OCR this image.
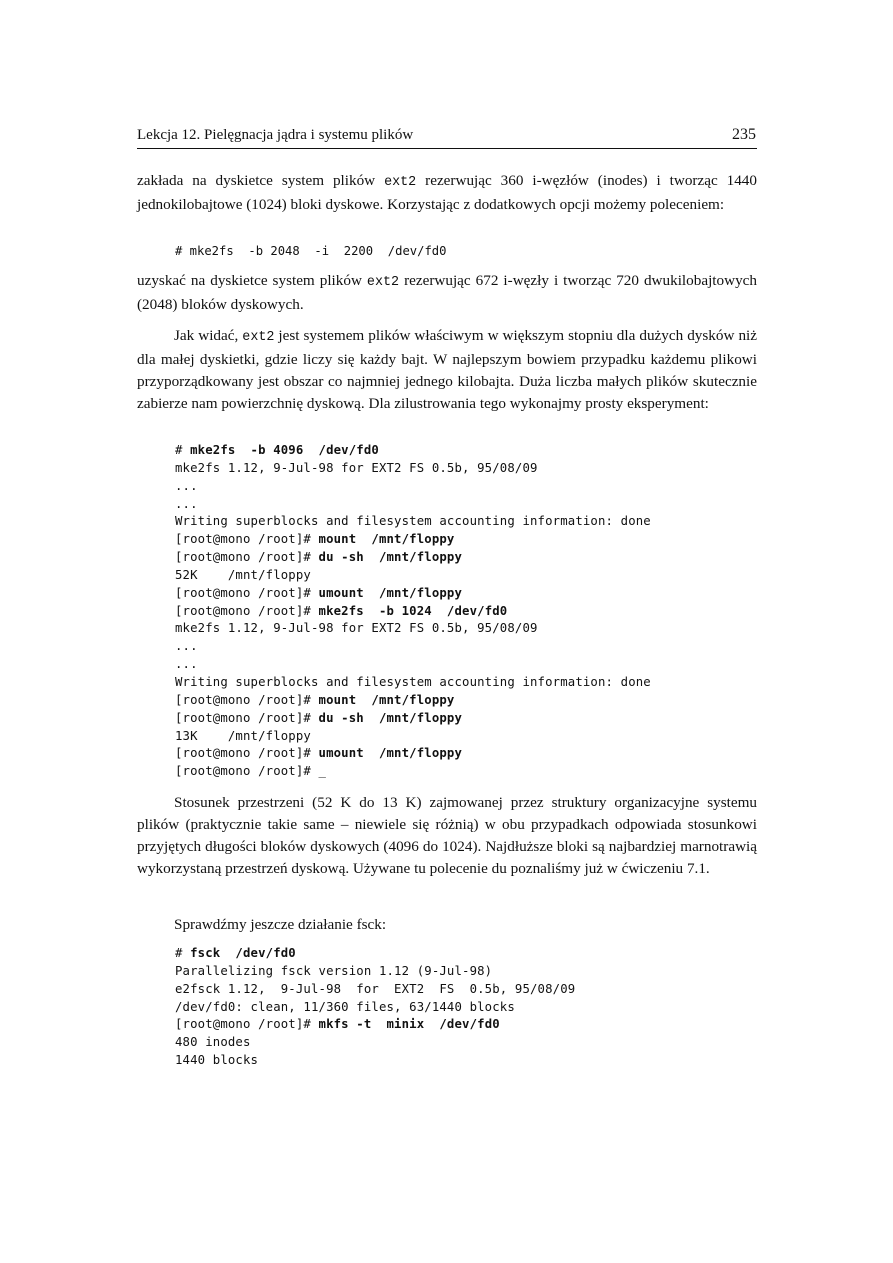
Lekcja 12. Pielęgnacja jądra i systemu plików	235

zakłada na dyskietce system plików ext2 rezerwując 360 i-węzłów (inodes) i tworząc 1440 jednokilobajtowe (1024) bloki dyskowe. Korzystając z dodatkowych opcji możemy poleceniem:

# mke2fs  -b 2048  -i  2200  /dev/fd0

uzyskać na dyskietce system plików ext2 rezerwując 672 i-węzły i tworząc 720 dwukilobajtowych (2048) bloków dyskowych.

Jak widać, ext2 jest systemem plików właściwym w większym stopniu dla dużych dysków niż dla małej dyskietki, gdzie liczy się każdy bajt. W najlepszym bowiem przypadku każdemu plikowi przyporządkowany jest obszar co najmniej jednego kilobajta. Duża liczba małych plików skutecznie zabierze nam powierzchnię dyskową. Dla zilustrowania tego wykonajmy prosty eksperyment:

# mke2fs  -b 4096  /dev/fd0
mke2fs 1.12, 9-Jul-98 for EXT2 FS 0.5b, 95/08/09
...
...
Writing superblocks and filesystem accounting information: done
[root@mono /root]# mount  /mnt/floppy
[root@mono /root]# du -sh  /mnt/floppy
52K    /mnt/floppy
[root@mono /root]# umount  /mnt/floppy
[root@mono /root]# mke2fs  -b 1024  /dev/fd0
mke2fs 1.12, 9-Jul-98 for EXT2 FS 0.5b, 95/08/09
...
...
Writing superblocks and filesystem accounting information: done
[root@mono /root]# mount  /mnt/floppy
[root@mono /root]# du -sh  /mnt/floppy
13K    /mnt/floppy
[root@mono /root]# umount  /mnt/floppy
[root@mono /root]# _

Stosunek przestrzeni (52 K do 13 K) zajmowanej przez struktury organizacyjne systemu plików (praktycznie takie same – niewiele się różnią) w obu przypadkach odpowiada stosunkowi przyjętych długości bloków dyskowych (4096 do 1024). Najdłuższe bloki są najbardziej marnotrawią wykorzystaną przestrzeń dyskową. Używane tu polecenie du poznaliśmy już w ćwiczeniu 7.1.

Sprawdźmy jeszcze działanie fsck:

# fsck  /dev/fd0
Parallelizing fsck version 1.12 (9-Jul-98)
e2fsck 1.12,  9-Jul-98  for  EXT2  FS  0.5b, 95/08/09
/dev/fd0: clean, 11/360 files, 63/1440 blocks
[root@mono /root]# mkfs -t  minix  /dev/fd0
480 inodes
1440 blocks
